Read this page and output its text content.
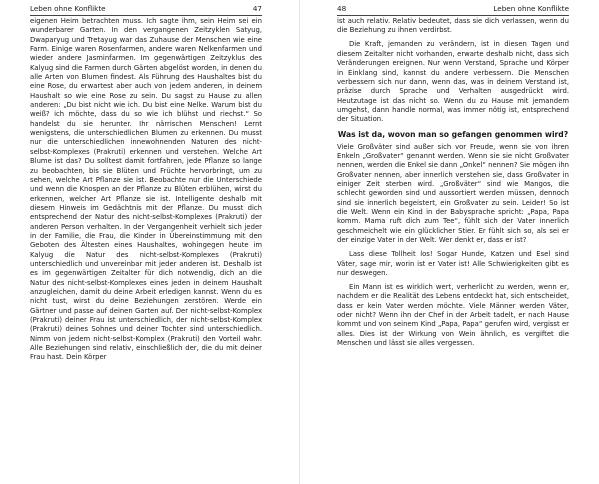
Leben ohne Konflikte	47

eigenen Heim betrachten muss. Ich sagte ihm, sein Heim sei ein wunderbarer Garten. In den vergangenen Zeitzyklen Satyug, Dwaparyug und Tretayug war das Zuhause der Menschen wie eine Farm. Einige waren Rosenfarmen, andere waren Nelkenfarmen und wieder andere Jasminfarmen. Im gegenwärtigen Zeitzyklus des Kalyug sind die Farmen durch Gärten abgelöst worden, in denen du alle Arten von Blumen findest. Als Führung des Haushaltes bist du eine Rose, du erwartest aber auch von jedem anderen, in deinem Haushalt so wie eine Rose zu sein. Du sagst zu Hause zu allen anderen: „Du bist nicht wie ich. Du bist eine Nelke. Warum bist du weiß? ich möchte, dass du so wie ich blühst und riechst.“ So handelst du sie herunter. Ihr närrischen Menschen! Lernt wenigstens, die unterschiedlichen Blumen zu erkennen. Du musst nur die unterschiedlichen innewohnenden Naturen des nicht-selbst-Komplexes (Prakruti) erkennen und verstehen. Welche Art Blume ist das? Du solltest damit fortfahren, jede Pflanze so lange zu beobachten, bis sie Blüten und Früchte hervorbringt, um zu sehen, welche Art Pflanze sie ist. Beobachte nur die Unterschiede und wenn die Knospen an der Pflanze zu Blüten erblühen, wirst du erkennen, welcher Art Pflanze sie ist. Intelligente deshalb mit diesem Hinweis im Gedächtnis mit der Pflanze. Du musst dich entsprechend der Natur des nicht-selbst-Komplexes (Prakruti) der anderen Person verhalten. In der Vergangenheit verhielt sich jeder in der Familie, die Frau, die Kinder in Übereinstimmung mit den Geboten des Ältesten eines Haushaltes, wohingegen heute im Kalyug die Natur des nicht-selbst-Komplexes (Prakruti) unterschiedlich und unvereinbar mit jeder anderen ist. Deshalb ist es im gegenwärtigen Zeitalter für dich notwendig, dich an die Natur des nicht-selbst-Komplexes eines jeden in deinem Haushalt anzugleichen, damit du deine Arbeit erledigen kannst. Wenn du es nicht tust, wirst du deine Beziehungen zerstören. Werde ein Gärtner und passe auf deinen Garten auf. Der nicht-selbst-Komplex (Prakruti) deiner Frau ist unterschiedlich, der nicht-selbst-Komplex (Prakruti) deines Sohnes und deiner Tochter sind unterschiedlich. Nimm von jedem nicht-selbst-Komplex (Prakruti) den Vorteil wahr. Alle Beziehungen sind relativ, einschließlich der, die du mit deiner Frau hast. Dein Körper

48	Leben ohne Konflikte

ist auch relativ. Relativ bedeutet, dass sie dich verlassen, wenn du die Beziehung zu ihnen verdirbst.

Die Kraft, jemanden zu verändern, ist in diesen Tagen und diesem Zeitalter nicht vorhanden, erwarte deshalb nicht, dass sich Veränderungen ereignen. Nur wenn Verstand, Sprache und Körper in Einklang sind, kannst du andere verbessern. Die Menschen verbessern sich nur dann, wenn das, was in deinem Verstand ist, präzise durch Sprache und Verhalten ausgedrückt wird. Heutzutage ist das nicht so. Wenn du zu Hause mit jemandem umgehst, dann handle normal, was immer nötig ist, entsprechend der Situation.

Was ist da, wovon man so gefangen genommen wird?

Viele Großväter sind außer sich vor Freude, wenn sie von ihren Enkeln „Großvater“ genannt werden. Wenn sie sie nicht Großvater nennen, werden die Enkel sie dann „Onkel“ nennen? Sie mögen ihn Großvater nennen, aber innerlich verstehen sie, dass Großvater in einiger Zeit sterben wird. „Großväter“ sind wie Mangos, die schlecht geworden sind und aussortiert werden müssen, dennoch sind sie innerlich begeistert, ein Großvater zu sein. Leider! So ist die Welt. Wenn ein Kind in der Babysprache spricht: „Papa, Papa komm. Mama ruft dich zum Tee“, fühlt sich der Vater innerlich geschmeichelt wie ein glücklicher Stier. Er fühlt sich so, als sei er der einzige Vater in der Welt. Wer denkt er, dass er ist?

Lass diese Tollheit los! Sogar Hunde, Katzen und Esel sind Väter, sage mir, worin ist er Vater ist! Alle Schwierigkeiten gibt es nur deswegen.

Ein Mann ist es wirklich wert, verherlicht zu werden, wenn er, nachdem er die Realität des Lebens entdeckt hat, sich entscheidet, dass er kein Vater werden möchte. Viele Männer werden Väter, oder nicht? Wenn ihn der Chef in der Arbeit tadelt, er nach Hause kommt und von seinem Kind „Papa, Papa“ gerufen wird, vergisst er alles. Dies ist der Wirkung von Wein ähnlich, es vergiftet die Menschen und lässt sie alles vergessen.
